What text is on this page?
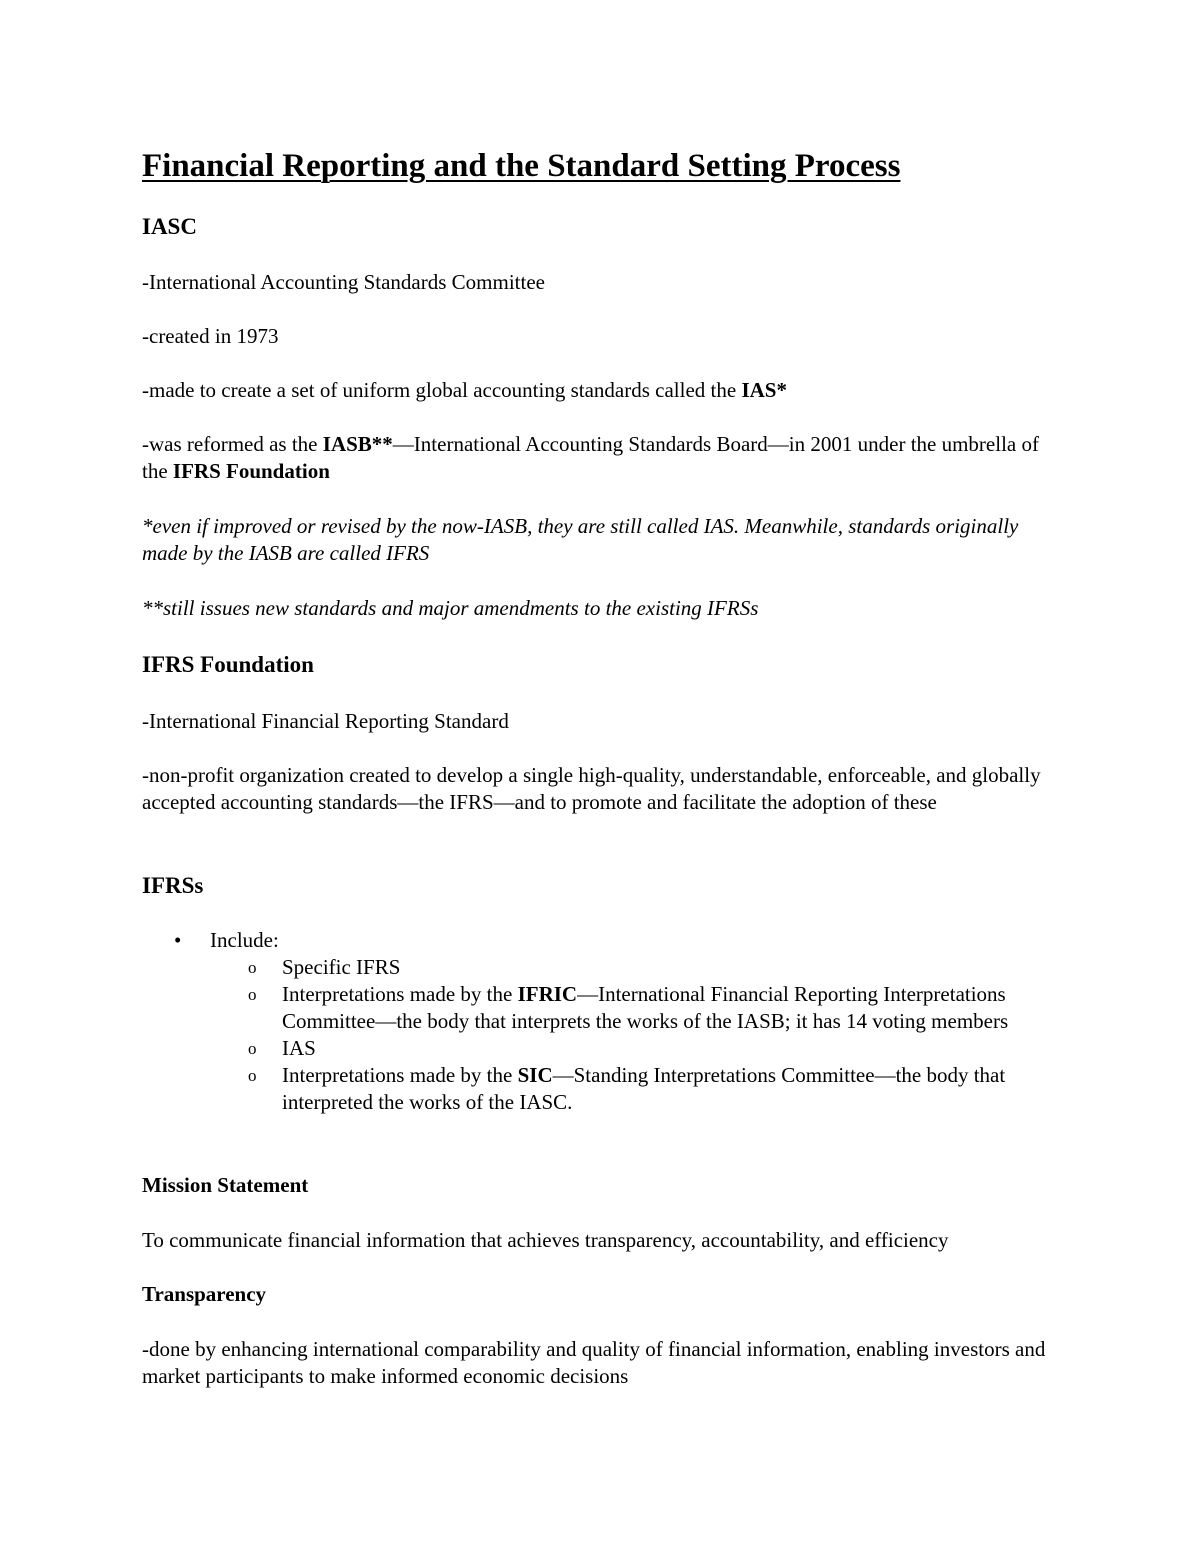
Financial Reporting and the Standard Setting Process
IASC

-International Accounting Standards Committee

-created in 1973

-made to create a set of uniform global accounting standards called the IAS*

-was reformed as the IASB**—International Accounting Standards Board—in 2001 under the umbrella of the IFRS Foundation

*even if improved or revised by the now-IASB, they are still called IAS. Meanwhile, standards originally made by the IASB are called IFRS

**still issues new standards and major amendments to the existing IFRSs

IFRS Foundation

-International Financial Reporting Standard

-non-profit organization created to develop a single high-quality, understandable, enforceable, and globally accepted accounting standards—the IFRS—and to promote and facilitate the adoption of these

IFRSs
• Include:
o Specific IFRS
o Interpretations made by the IFRIC—International Financial Reporting Interpretations Committee—the body that interprets the works of the IASB; it has 14 voting members
o IAS
o Interpretations made by the SIC—Standing Interpretations Committee—the body that interpreted the works of the IASC.
Mission Statement

To communicate financial information that achieves transparency, accountability, and efficiency

Transparency

-done by enhancing international comparability and quality of financial information, enabling investors and market participants to make informed economic decisions
